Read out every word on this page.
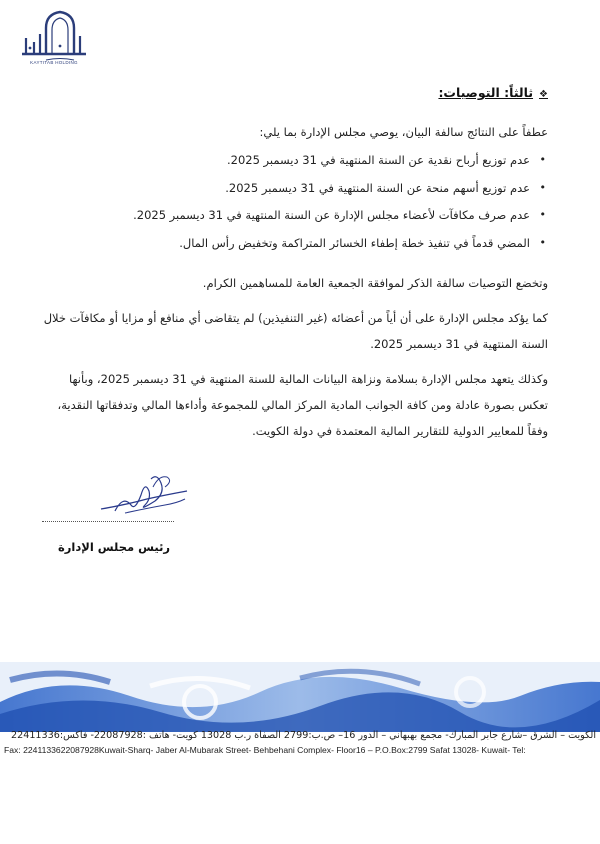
KAYTITAB HOLDING
❖ثالثاً: التوصيات:
عطفاً على النتائج سالفة البيان، يوصي مجلس الإدارة بما يلي:
•
عدم توزيع أرباح نقدية عن السنة المنتهية في 31 ديسمبر 2025.
•
عدم توزيع أسهم منحة عن السنة المنتهية في 31 ديسمبر 2025.
•
عدم صرف مكافآت لأعضاء مجلس الإدارة عن السنة المنتهية في 31 ديسمبر 2025.
•
المضي قدماً في تنفيذ خطة إطفاء الخسائر المتراكمة وتخفيض رأس المال.
وتخضع التوصيات سالفة الذكر لموافقة الجمعية العامة للمساهمين الكرام.
كما يؤكد مجلس الإدارة على أن أياً من أعضائه (غير التنفيذين) لم يتقاضى أي منافع أو مزايا أو مكافآت خلال السنة المنتهية في 31 ديسمبر 2025.
وكذلك يتعهد مجلس الإدارة بسلامة ونزاهة البيانات المالية للسنة المنتهية في 31 ديسمبر 2025، وبأنها تعكس بصورة عادلة ومن كافة الجوانب المادية المركز المالي للمجموعة وأداءها المالي وتدفقاتها النقدية، وفقاً للمعايير الدولية للتقارير المالية المعتمدة في دولة الكويت.
رئيس مجلس الإدارة
الكويت – الشرق –شارع جابر المبارك- مجمع بهبهاني – الدور 16– ص.ب:2799 الصفاة ر.ب 13028 كويت- هاتف :22087928- فاكس:22411336
Fax: 2241133622087928Kuwait-Sharq- Jaber Al-Mubarak Street- Behbehani Complex- Floor16 – P.O.Box:2799 Safat 13028- Kuwait- Tel:
